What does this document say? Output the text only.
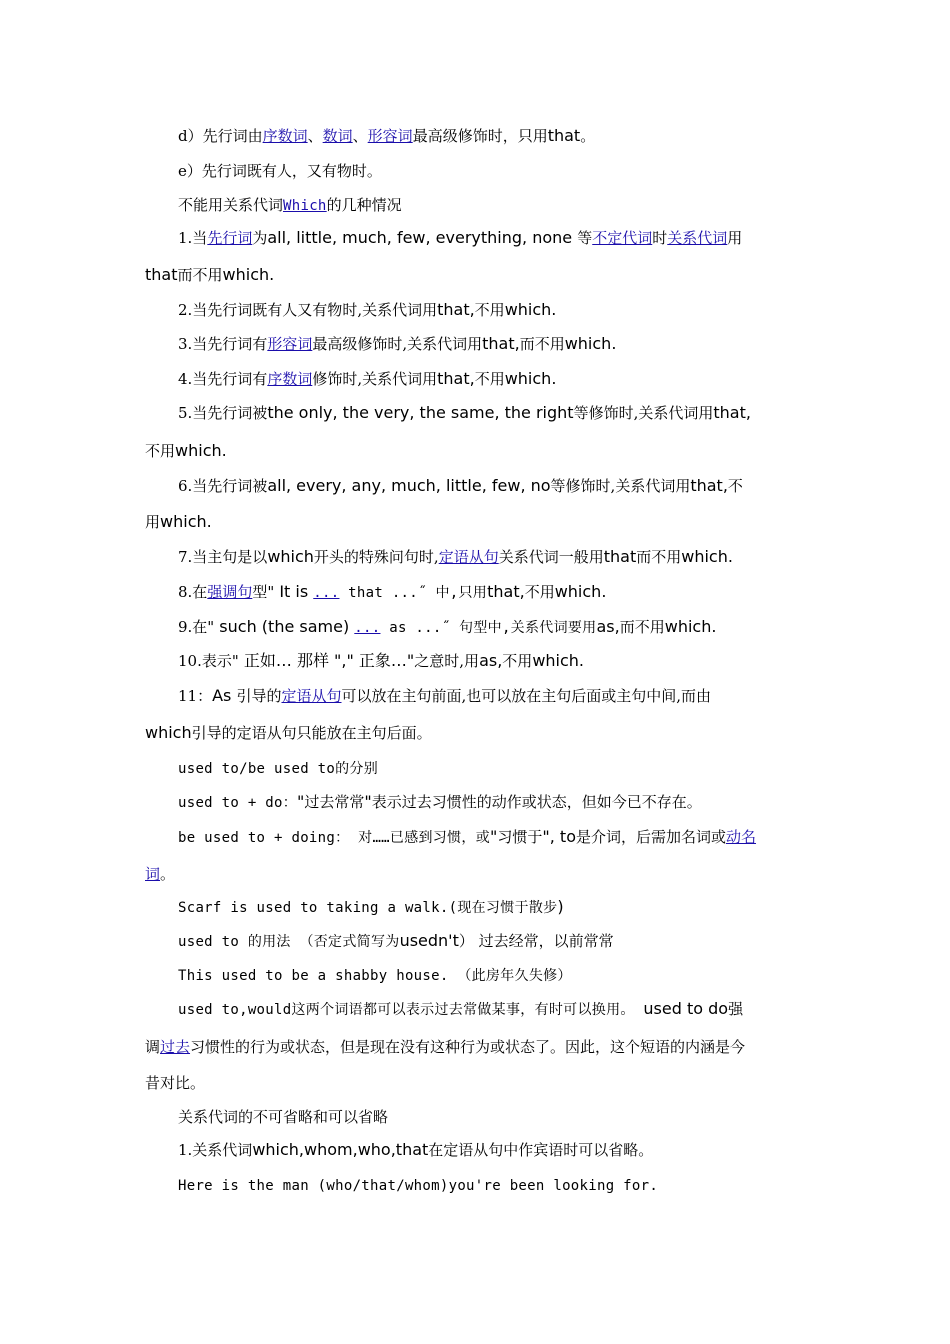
d）先行词由序数词、数词、形容词最高级修饰时，只用that。
e）先行词既有人，又有物时。
不能用关系代词Which的几种情况
1.当先行词为all, little, much, few, everything, none 等不定代词时关系代词用
that而不用which.
2.当先行词既有人又有物时,关系代词用that,不用which.
3.当先行词有形容词最高级修饰时,关系代词用that,而不用which.
4.当先行词有序数词修饰时,关系代词用that,不用which.
5.当先行词被the only, the very, the same, the right等修饰时,关系代词用that,
不用which.
6.当先行词被all, every, any, much, little, few, no等修饰时,关系代词用that,不
用which.
7.当主句是以which开头的特殊问句时,定语从句关系代词一般用that而不用which.
8.在强调句型" It is ... that ...˝ 中,只用that,不用which.
9.在" such (the same) ... as ...˝ 句型中,关系代词要用as,而不用which.
10.表示" 正如… 那样 "," 正象…"之意时,用as,不用which.
11：As 引导的定语从句可以放在主句前面,也可以放在主句后面或主句中间,而由
which引导的定语从句只能放在主句后面。
used to/be used to的分别
used to + do："过去常常"表示过去习惯性的动作或状态，但如今已不存在。
be used to + doing： 对……已感到习惯，或"习惯于", to是介词，后需加名词或动名
词。
Scarf is used to taking a walk.(现在习惯于散步)
used to 的用法 （否定式简写为usedn't） 过去经常，以前常常
This used to be a shabby house. （此房年久失修）
used to,would这两个词语都可以表示过去常做某事，有时可以换用。 used to do强
调过去习惯性的行为或状态，但是现在没有这种行为或状态了。因此，这个短语的内涵是今
昔对比。
关系代词的不可省略和可以省略
1.关系代词which,whom,who,that在定语从句中作宾语时可以省略。
Here is the man (who/that/whom)you're been looking for.
